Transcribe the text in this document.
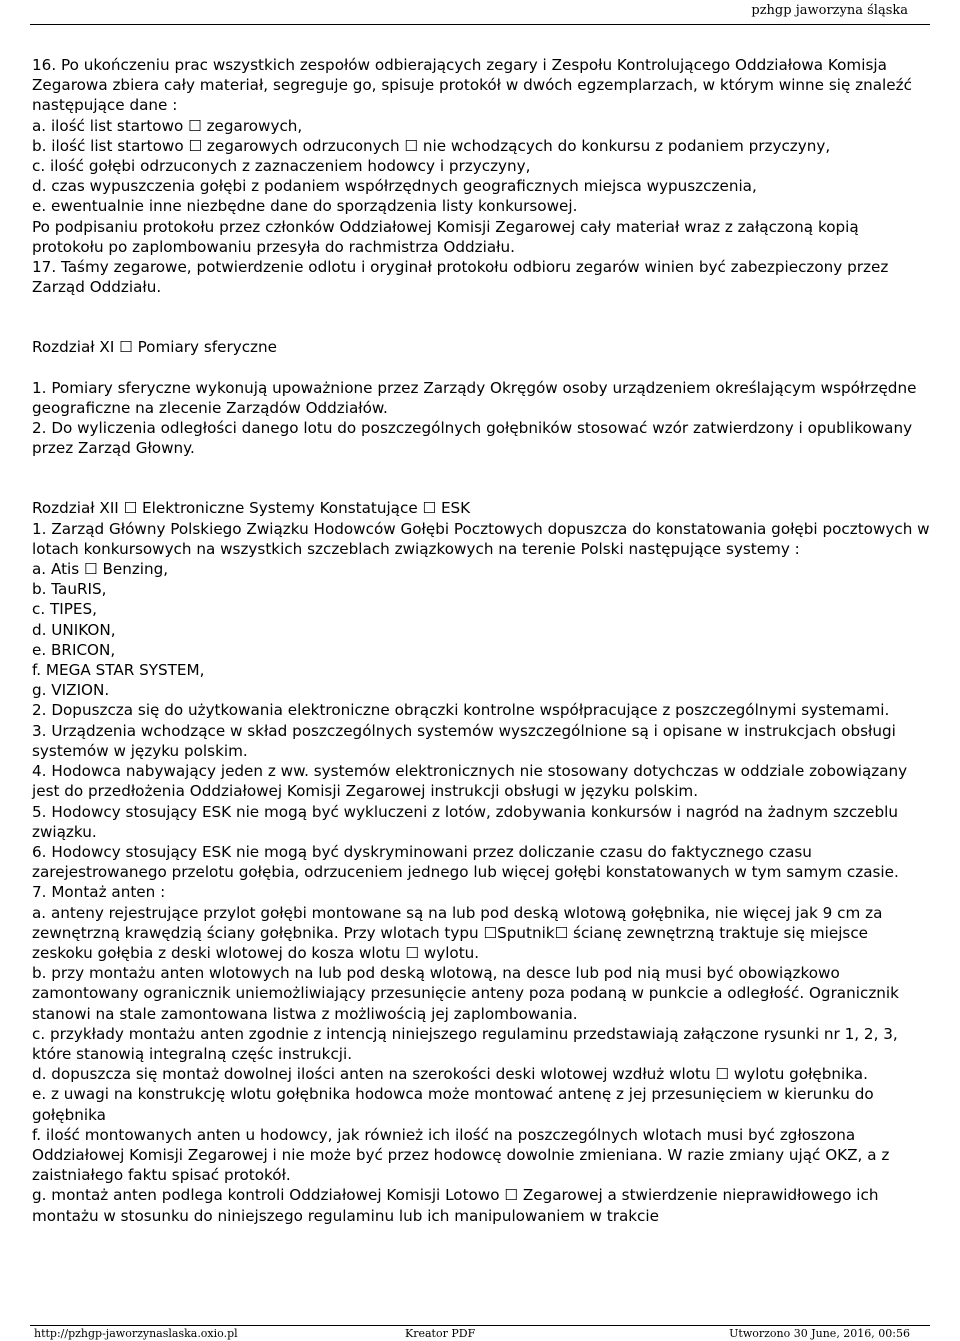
pzhgp jaworzyna śląska

16. Po ukończeniu prac wszystkich zespołów odbierających zegary i Zespołu Kontrolującego Oddziałowa Komisja Zegarowa zbiera cały materiał, segreguje go, spisuje protokół w dwóch egzemplarzach, w którym winne się znaleźć następujące dane :

a. ilość list startowo ☐ zegarowych,

b. ilość list startowo ☐ zegarowych odrzuconych ☐ nie wchodzących do konkursu z podaniem przyczyny,

c. ilość gołębi odrzuconych z zaznaczeniem hodowcy i przyczyny,

d. czas wypuszczenia gołębi z podaniem współrzędnych geograficznych miejsca wypuszczenia,

e. ewentualnie inne niezbędne dane do sporządzenia listy konkursowej.

Po podpisaniu protokołu przez członków Oddziałowej Komisji Zegarowej cały materiał wraz z załączoną kopią protokołu po zaplombowaniu przesyła do rachmistrza Oddziału.

17. Taśmy zegarowe, potwierdzenie odlotu i oryginał protokołu odbioru zegarów winien być zabezpieczony przez Zarząd Oddziału.

Rozdział XI ☐ Pomiary sferyczne

1. Pomiary sferyczne wykonują upoważnione przez Zarządy Okręgów osoby urządzeniem określającym współrzędne geograficzne na zlecenie Zarządów Oddziałów.

2. Do wyliczenia odległości danego lotu do poszczególnych gołębników stosować wzór zatwierdzony i opublikowany przez Zarząd Głowny.

Rozdział XII ☐ Elektroniczne Systemy Konstatujące ☐ ESK

1. Zarząd Główny Polskiego Związku Hodowców Gołębi Pocztowych dopuszcza do konstatowania gołębi pocztowych w lotach konkursowych na wszystkich szczeblach związkowych na terenie Polski następujące systemy :

a. Atis ☐ Benzing,

b. TauRIS,

c. TIPES,

d. UNIKON,

e. BRICON,

f. MEGA STAR SYSTEM,

g. VIZION.

2. Dopuszcza się do użytkowania elektroniczne obrączki kontrolne współpracujące z poszczególnymi systemami.

3. Urządzenia wchodzące w skład poszczególnych systemów wyszczególnione są i opisane w instrukcjach obsługi systemów w języku polskim.

4. Hodowca nabywający jeden z ww. systemów elektronicznych nie stosowany dotychczas w oddziale zobowiązany jest do przedłożenia Oddziałowej Komisji Zegarowej instrukcji obsługi w języku polskim.

5. Hodowcy stosujący ESK nie mogą być wykluczeni z lotów, zdobywania konkursów i nagród na żadnym szczeblu związku.

6. Hodowcy stosujący ESK nie mogą być dyskryminowani przez doliczanie czasu do faktycznego czasu zarejestrowanego przelotu gołębia, odrzuceniem jednego lub więcej gołębi konstatowanych w tym samym czasie.

7. Montaż anten :

a. anteny rejestrujące przylot gołębi montowane są na lub pod deską wlotową gołębnika, nie więcej jak 9 cm za zewnętrzną krawędzią ściany gołębnika. Przy wlotach typu ☐Sputnik☐ ścianę zewnętrzną traktuje się miejsce zeskoku gołębia z deski wlotowej do kosza wlotu ☐ wylotu.

b. przy montażu anten wlotowych na lub pod deską wlotową, na desce lub pod nią musi być obowiązkowo zamontowany ogranicznik uniemożliwiający przesunięcie anteny poza podaną w punkcie a odległość. Ogranicznik stanowi na stale zamontowana listwa z możliwością jej zaplombowania.

c. przykłady montażu anten zgodnie z intencją niniejszego regulaminu przedstawiają załączone rysunki nr 1, 2, 3, które stanowią integralną częśc instrukcji.

d. dopuszcza się montaż dowolnej ilości anten na szerokości deski wlotowej wzdłuż wlotu ☐ wylotu gołębnika.

e. z uwagi na konstrukcję wlotu gołębnika hodowca może montować antenę z jej przesunięciem w kierunku do gołębnika

f. ilość montowanych anten u hodowcy, jak również ich ilość na poszczególnych wlotach musi być zgłoszona Oddziałowej Komisji Zegarowej i nie może być przez hodowcę dowolnie zmieniana. W razie zmiany ująć OKZ, a z zaistniałego faktu spisać protokół.

g. montaż anten podlega kontroli Oddziałowej Komisji Lotowo ☐ Zegarowej a stwierdzenie nieprawidłowego ich montażu w stosunku do niniejszego regulaminu lub ich manipulowaniem w trakcie

http://pzhgp-jaworzynaslaska.oxio.pl	Kreator PDF	Utworzono 30 June, 2016, 00:56
